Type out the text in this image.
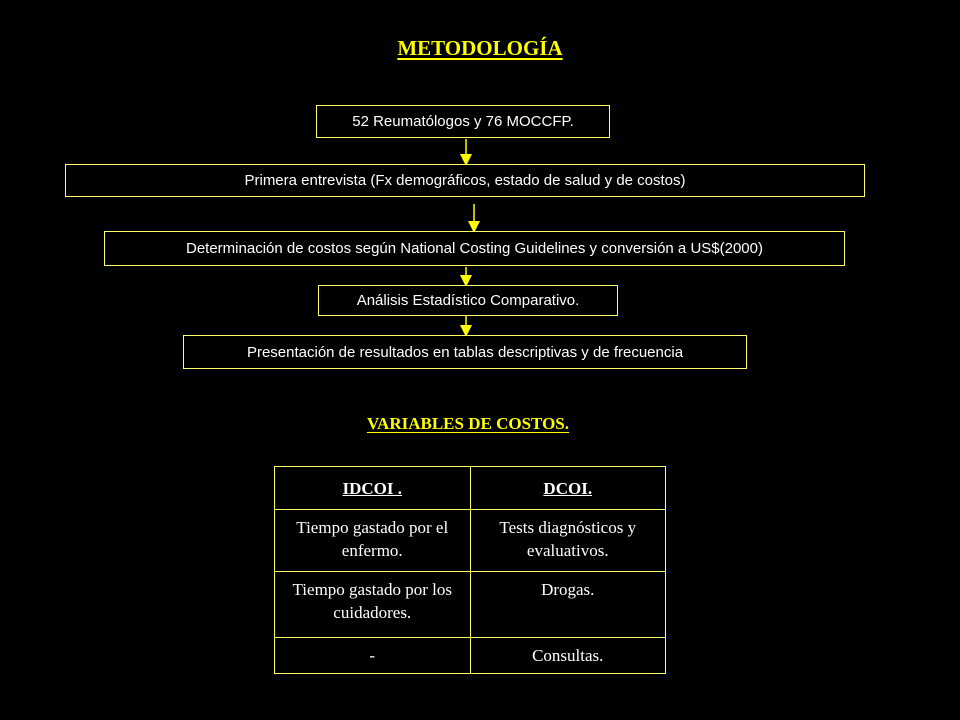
METODOLOGÍA
52 Reumatólogos y 76 MOCCFP.
Primera entrevista (Fx demográficos, estado de salud y de costos)
Determinación de costos según National Costing Guidelines y conversión a US$(2000)
Análisis Estadístico Comparativo.
Presentación de resultados en tablas descriptivas y de frecuencia
VARIABLES DE COSTOS.
IDCOI .	DCOI.
Tiempo gastado por el enfermo.	Tests diagnósticos y evaluativos.
Tiempo gastado por los cuidadores.	Drogas.
-	Consultas.
